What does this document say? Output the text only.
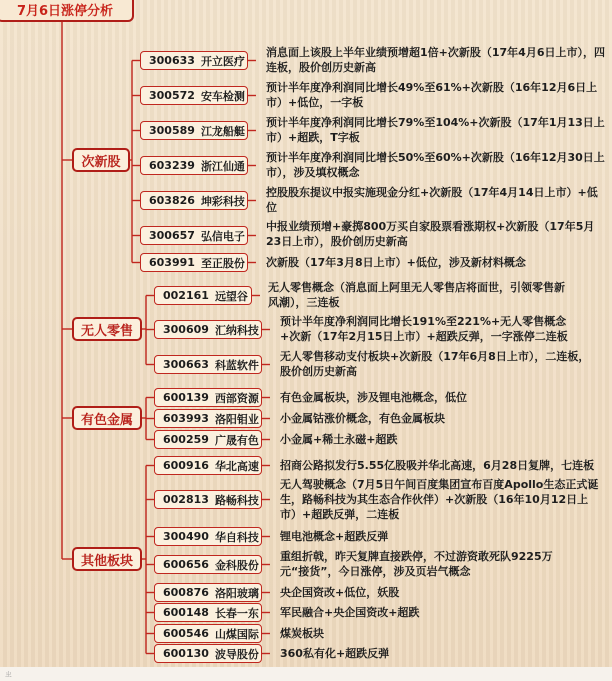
7月6日涨停分析
次新股
300633 开立医疗
消息面上该股上半年业绩预增超1倍+次新股（17年4月6日上市），四连板，股价创历史新高
300572 安车检测
预计半年度净利润同比增长49%至61%+次新股（16年12月6日上市）+低位，一字板
300589 江龙船艇
预计半年度净利润同比增长79%至104%+次新股（17年1月13日上市）+超跌，T字板
603239 浙江仙通
预计半年度净利润同比增长50%至60%+次新股（16年12月30日上市），涉及填权概念
603826 坤彩科技
控股股东提议中报实施现金分红+次新股（17年4月14日上市）+低位
300657 弘信电子
中报业绩预增+豪掷800万买自家股票看涨期权+次新股（17年5月23日上市），股价创历史新高
603991 至正股份 次新股（17年3月8日上市）+低位，涉及新材料概念
无人零售
002161 远望谷
无人零售概念（消息面上阿里无人零售店将面世，引领零售新风潮），三连板
300609 汇纳科技
预计半年度净利润同比增长191%至221%+无人零售概念+次新（17年2月15日上市）+超跌反弹，一字涨停二连板
300663 科蓝软件
无人零售移动支付板块+次新股（17年6月8日上市），二连板，股价创历史新高
有色金属
600139 西部资源 有色金属板块，涉及锂电池概念，低位
603993 洛阳钼业 小金属钴涨价概念，有色金属板块
600259 广晟有色 小金属+稀土永磁+超跌
其他板块
600916 华北高速 招商公路拟发行5.55亿股吸并华北高速，6月28日复牌，七连板
002813 路畅科技
无人驾驶概念（7月5日午间百度集团宣布百度Apollo生态正式诞生，路畅科技为其生态合作伙伴）+次新股（16年10月12日上市）+超跌反弹，二连板
300490 华自科技 锂电池概念+超跌反弹
600656 金科股份
重组折戟，昨天复牌直接跌停，不过游资敢死队9225万元“接货”，今日涨停，涉及页岩气概念
600876 洛阳玻璃 央企国资改+低位，妖股
600148 长春一东 军民融合+央企国资改+超跌
600546 山煤国际 煤炭板块
600130 波导股份 360私有化+超跌反弹
ㄓ
